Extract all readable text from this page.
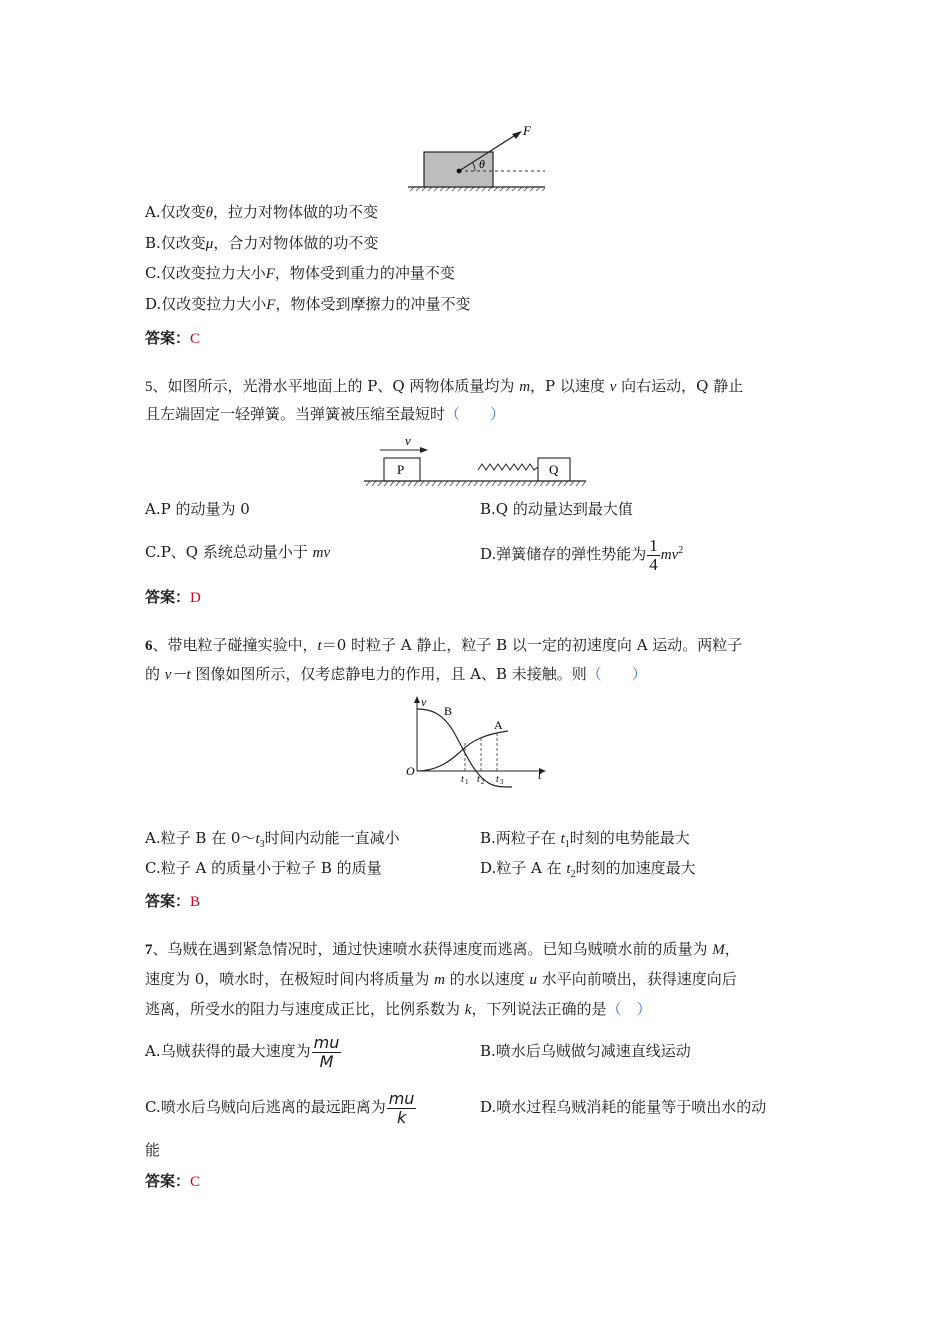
θ
F
A.仅改变θ，拉力对物体做的功不变
B.仅改变μ，合力对物体做的功不变
C.仅改变拉力大小F，物体受到重力的冲量不变
D.仅改变拉力大小F，物体受到摩擦力的冲量不变
答案：C
5、如图所示，光滑水平地面上的 P、Q 两物体质量均为 m，P 以速度 v 向右运动，Q 静止
且左端固定一轻弹簧。当弹簧被压缩至最短时（　　）
v
P	Q
A.P 的动量为 0	B.Q 的动量达到最大值
C.P、Q 系统总动量小于 mv	D.弹簧储存的弹性势能为 $\frac{1}{4} mv^2$
答案：D
6、带电粒子碰撞实验中，t＝0 时粒子 A 静止，粒子 B 以一定的初速度向 A 运动。两粒子
的 v－t 图像如图所示，仅考虑静电力的作用，且 A、B 未接触。则（　　）
v
O	t
B
A
t 1 t 2 t 3
A.粒子 B 在 $0\sim t_3$时间内动能一直减小	B.两粒子在 $t_1$时刻的电势能最大
C.粒子 A 的质量小于粒子 B 的质量	D.粒子 A 在 $t_2$时刻的加速度最大
答案：B
7、乌贼在遇到紧急情况时，通过快速喷水获得速度而逃离。已知乌贼喷水前的质量为 M，
速度为 0，喷水时，在极短时间内将质量为 m 的水以速度 u 水平向前喷出，获得速度向后
逃离，所受水的阻力与速度成正比，比例系数为 k，下列说法正确的是（　）
A.乌贼获得的最大速度为 $\frac{mu}{M}$	B.喷水后乌贼做匀减速直线运动
C.喷水后乌贼向后逃离的最远距离为 $\frac{mu}{k}$	D.喷水过程乌贼消耗的能量等于喷出水的动
能
答案：C
